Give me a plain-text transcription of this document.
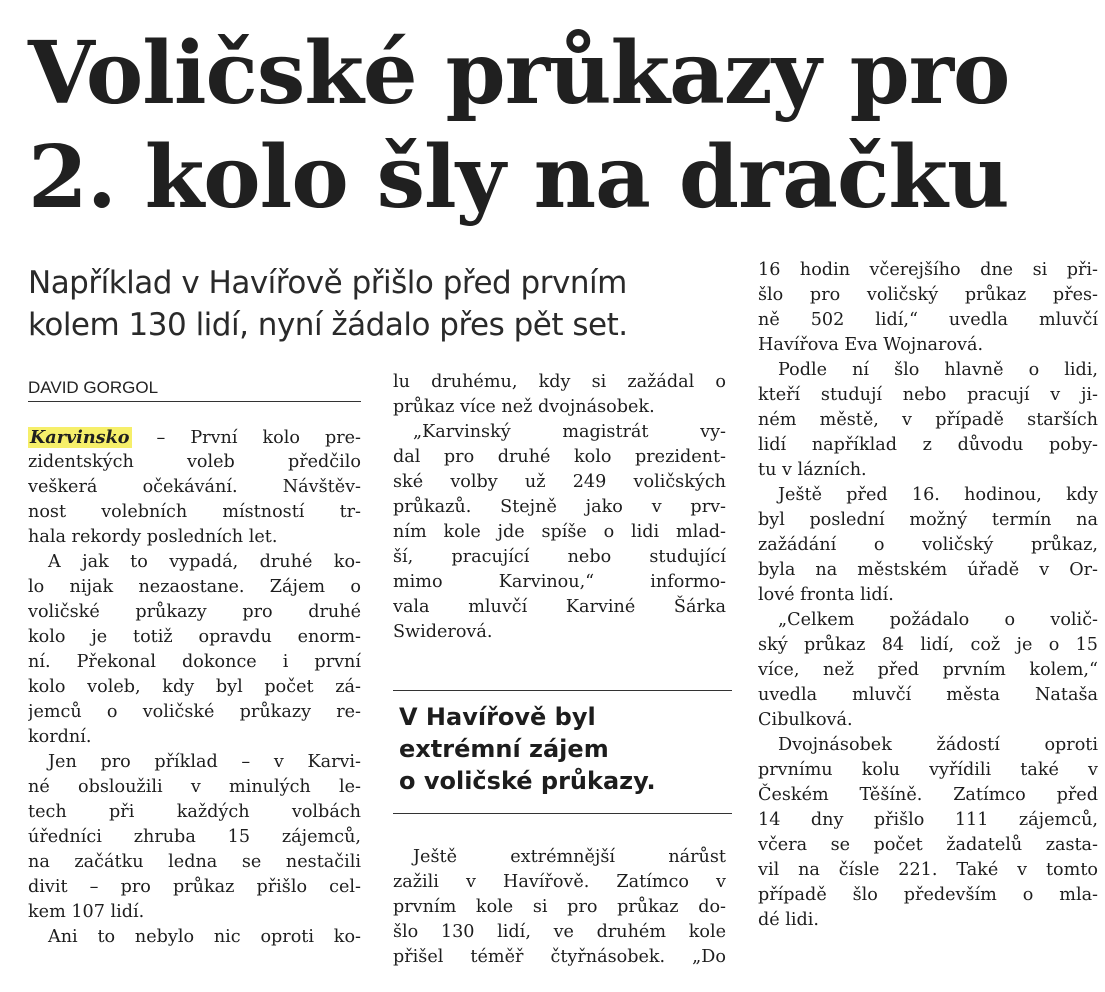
Voličské průkazy pro
2. kolo šly na dračku
Například v Havířově přišlo před prvním
kolem 130 lidí, nyní žádalo přes pět set.
DAVID GORGOL

Karvinsko – První kolo pre-
zidentských voleb předčilo
veškerá očekávání. Návštěv-
nost volebních místností tr-
hala rekordy posledních let.

A jak to vypadá, druhé ko-
lo nijak nezaostane. Zájem o
voličské průkazy pro druhé
kolo je totiž opravdu enorm-
ní. Překonal dokonce i první
kolo voleb, kdy byl počet zá-
jemců o voličské průkazy re-
kordní.

Jen pro příklad – v Karvi-
né obsloužili v minulých le-
tech při každých volbách
úředníci zhruba 15 zájemců,
na začátku ledna se nestačili
divit – pro průkaz přišlo cel-
kem 107 lidí.

Ani to nebylo nic oproti ko-

lu druhému, kdy si zažádal o
průkaz více než dvojnásobek.

„Karvinský magistrát vy-
dal pro druhé kolo prezident-
ské volby už 249 voličských
průkazů. Stejně jako v prv-
ním kole jde spíše o lidi mlad-
ší, pracující nebo studující
mimo Karvinou,“ informo-
vala mluvčí Karviné Šárka
Swiderová.

V Havířově byl
extrémní zájem
o voličské průkazy.

Ještě extrémnější nárůst
zažili v Havířově. Zatímco v
prvním kole si pro průkaz do-
šlo 130 lidí, ve druhém kole
přišel téměř čtyřnásobek. „Do

16 hodin včerejšího dne si při-
šlo pro voličský průkaz přes-
ně 502 lidí,“ uvedla mluvčí
Havířova Eva Wojnarová.

Podle ní šlo hlavně o lidi,
kteří studují nebo pracují v ji-
ném městě, v případě starších
lidí například z důvodu poby-
tu v lázních.

Ještě před 16. hodinou, kdy
byl poslední možný termín na
zažádání o voličský průkaz,
byla na městském úřadě v Or-
lové fronta lidí.

„Celkem požádalo o volič-
ský průkaz 84 lidí, což je o 15
více, než před prvním kolem,“
uvedla mluvčí města Nataša
Cibulková.

Dvojnásobek žádostí oproti
prvnímu kolu vyřídili také v
Českém Těšíně. Zatímco před
14 dny přišlo 111 zájemců,
včera se počet žadatelů zasta-
vil na čísle 221. Také v tomto
případě šlo především o mla-
dé lidi.
